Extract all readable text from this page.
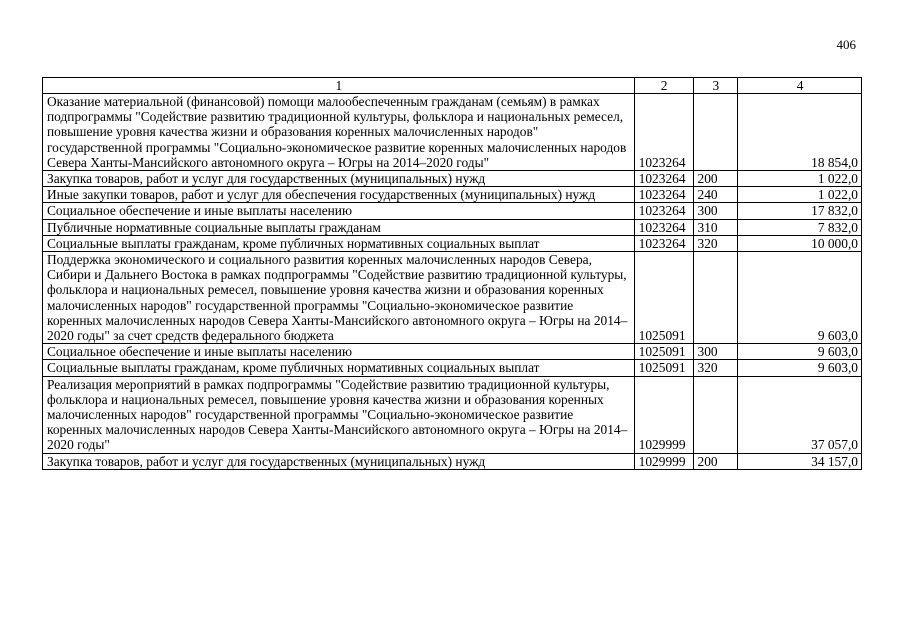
406
1	2	3	4
Оказание материальной (финансовой) помощи малообеспеченным гражданам (семьям) в рамках подпрограммы "Содействие развитию традиционной культуры, фольклора и национальных ремесел, повышение уровня качества жизни и образования коренных малочисленных народов" государственной программы "Социально-экономическое развитие коренных малочисленных народов Севера Ханты-Мансийского автономного округа – Югры на 2014–2020 годы"	1023264		18 854,0
Закупка товаров, работ и услуг для государственных (муниципальных) нужд	1023264	200	1 022,0
Иные закупки товаров, работ и услуг для обеспечения государственных (муниципальных) нужд	1023264	240	1 022,0
Социальное обеспечение и иные выплаты населению	1023264	300	17 832,0
Публичные нормативные социальные выплаты гражданам	1023264	310	7 832,0
Социальные выплаты гражданам, кроме публичных нормативных социальных выплат	1023264	320	10 000,0
Поддержка экономического и социального развития коренных малочисленных народов Севера, Сибири и Дальнего Востока в рамках подпрограммы "Содействие развитию традиционной культуры, фольклора и национальных ремесел, повышение уровня качества жизни и образования коренных малочисленных народов" государственной программы "Социально-экономическое развитие коренных малочисленных народов Севера Ханты-Мансийского автономного округа – Югры на 2014–2020 годы" за счет средств федерального бюджета	1025091		9 603,0
Социальное обеспечение и иные выплаты населению	1025091	300	9 603,0
Социальные выплаты гражданам, кроме публичных нормативных социальных выплат	1025091	320	9 603,0
Реализация мероприятий в рамках подпрограммы "Содействие развитию традиционной культуры, фольклора и национальных ремесел, повышение уровня качества жизни и образования коренных малочисленных народов" государственной программы "Социально-экономическое развитие коренных малочисленных народов Севера Ханты-Мансийского автономного округа – Югры на 2014–2020 годы"	1029999		37 057,0
Закупка товаров, работ и услуг для государственных (муниципальных) нужд	1029999	200	34 157,0
